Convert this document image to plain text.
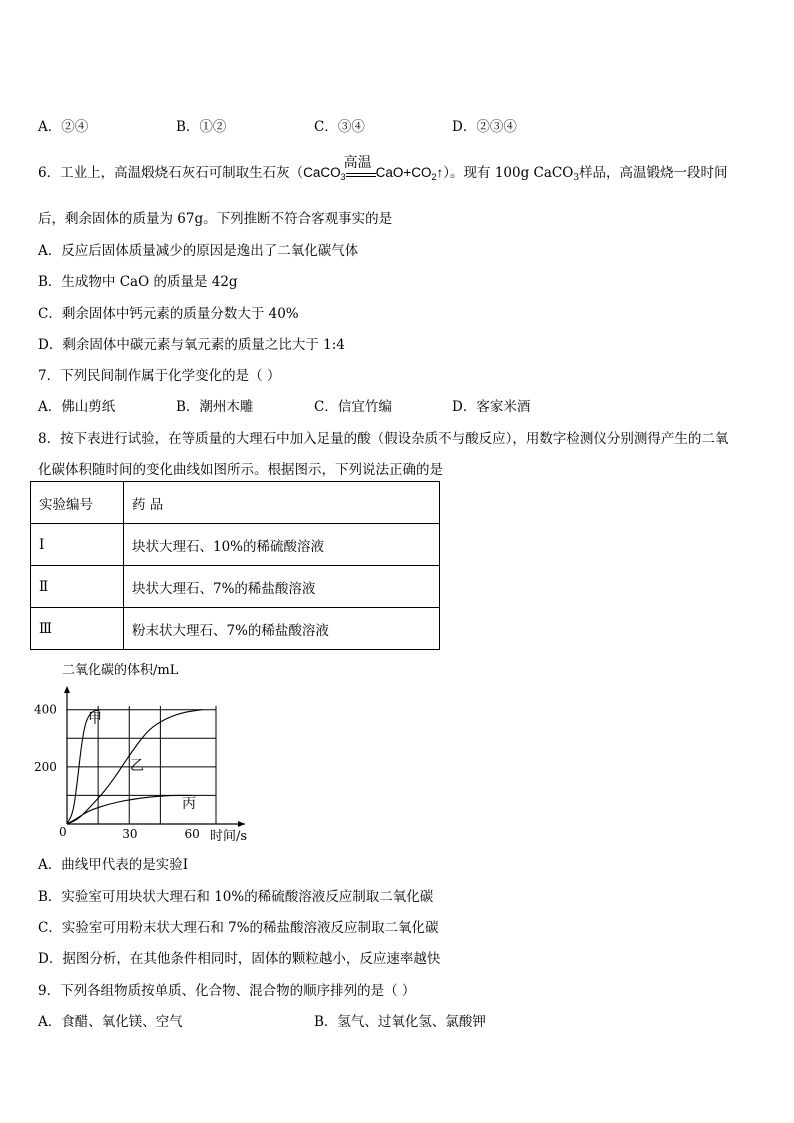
A．②④	B．①②	C．③④	D．②③④
6．工业上，高温煅烧石灰石可制取生石灰（CaCO$_3$
高温
$CaO+CO_2↑$）。现有 100g CaCO$_3$样品，高温锻烧一段时间
后，剩余固体的质量为 67g。下列推断不符合客观事实的是
A．反应后固体质量减少的原因是逸出了二氧化碳气体
B．生成物中 CaO 的质量是 42g
C．剩余固体中钙元素的质量分数大于 40%
D．剩余固体中碳元素与氧元素的质量之比大于 1:4
7．下列民间制作属于化学变化的是（ ）
A．佛山剪纸	B．潮州木雕	C．信宜竹编	D．客家米酒
8．按下表进行试验，在等质量的大理石中加入足量的酸（假设杂质不与酸反应），用数字检测仪分别测得产生的二氧
化碳体积随时间的变化曲线如图所示。根据图示，下列说法正确的是
实验编号	药 品
Ⅰ	块状大理石、10%的稀硫酸溶液
Ⅱ	块状大理石、7%的稀盐酸溶液
Ⅲ	粉末状大理石、7%的稀盐酸溶液
二氧化碳的体积/mL
甲
乙
丙
30	60
200
400
时间/s
0
A．曲线甲代表的是实验Ⅰ
B．实验室可用块状大理石和 10%的稀硫酸溶液反应制取二氧化碳
C．实验室可用粉末状大理石和 7%的稀盐酸溶液反应制取二氧化碳
D．据图分析，在其他条件相同时，固体的颗粒越小，反应速率越快
9．下列各组物质按单质、化合物、混合物的顺序排列的是（ ）
A．食醋、氧化镁、空气	B．氢气、过氧化氢、氯酸钾
